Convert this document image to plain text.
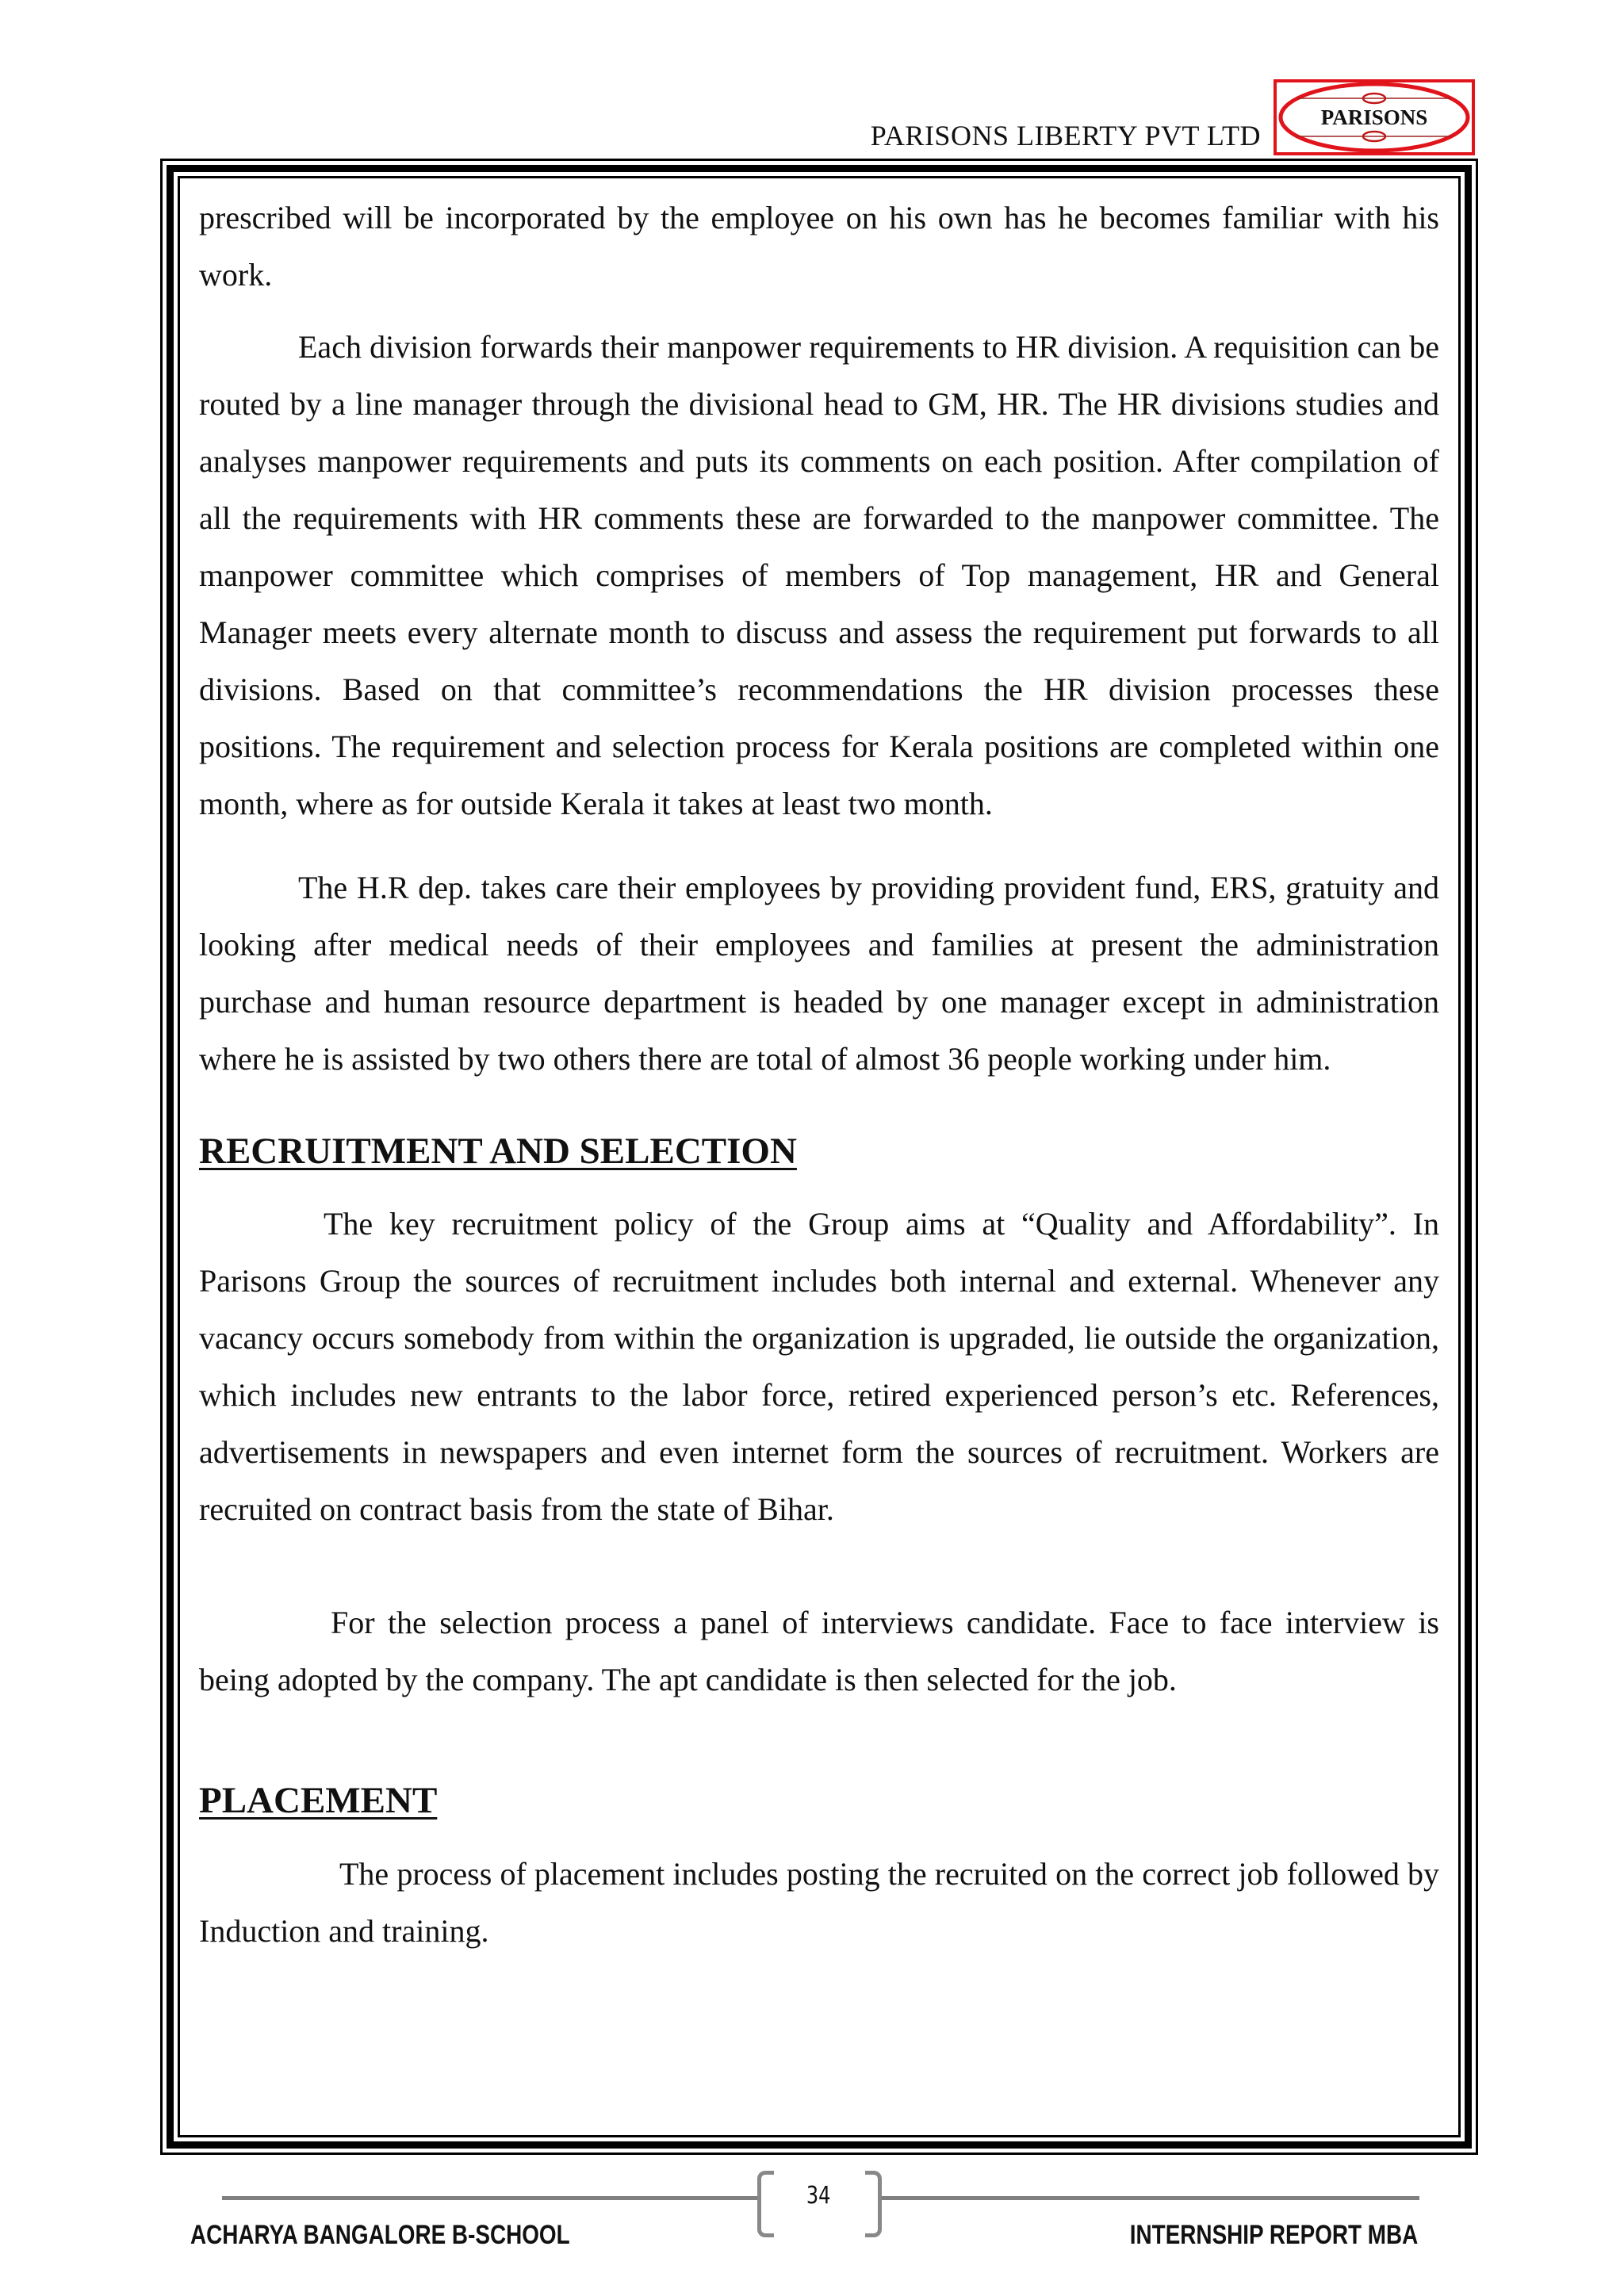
PARISONS LIBERTY PVT LTD
PARISONS

prescribed will be incorporated by the employee on his own has he becomes familiar with his work.

Each division forwards their manpower requirements to HR division. A requisition can be routed by a line manager through the divisional head to GM, HR. The HR divisions studies and analyses manpower requirements and puts its comments on each position. After compilation of all the requirements with HR comments these are forwarded to the manpower committee. The manpower committee which comprises of members of Top management, HR and General Manager meets every alternate month to discuss and assess the requirement put forwards to all divisions. Based on that committee’s recommendations the HR division processes these positions. The requirement and selection process for Kerala positions are completed within one month, where as for outside Kerala it takes at least two month.

The H.R dep. takes care their employees by providing provident fund, ERS, gratuity and looking after medical needs of their employees and families at present the administration purchase and human resource department is headed by one manager except in administration where he is assisted by two others there are total of almost 36 people working under him.

RECRUITMENT AND SELECTION

The key recruitment policy of the Group aims at “Quality and Affordability”. In Parisons Group the sources of recruitment includes both internal and external. Whenever any vacancy occurs somebody from within the organization is upgraded, lie outside the organization, which includes new entrants to the labor force, retired experienced person’s etc. References, advertisements in newspapers and even internet form the sources of recruitment. Workers are recruited on contract basis from the state of Bihar.

For the selection process a panel of interviews candidate. Face to face interview is being adopted by the company. The apt candidate is then selected for the job.

PLACEMENT

The process of placement includes posting the recruited on the correct job followed by Induction and training.

34
ACHARYA BANGALORE B-SCHOOL	INTERNSHIP REPORT MBA
